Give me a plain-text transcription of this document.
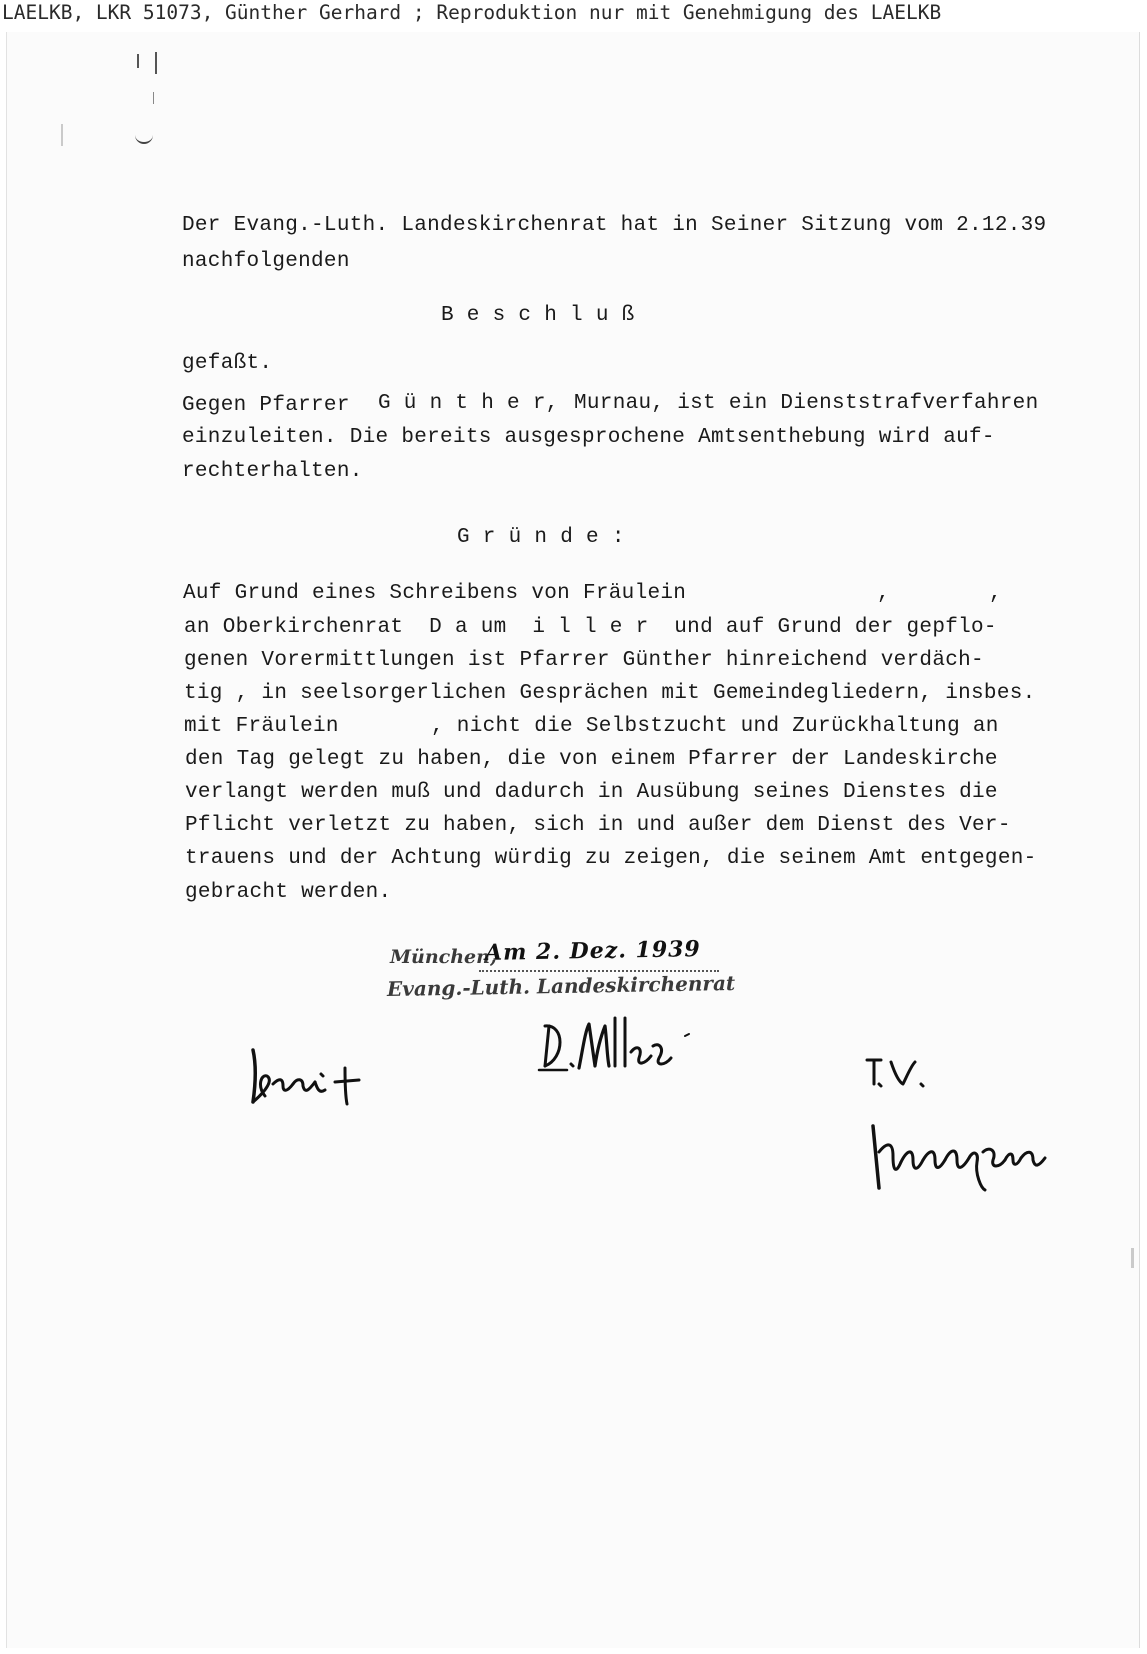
LAELKB, LKR 51073, Günther Gerhard ; Reproduktion nur mit Genehmigung des LAELKB
Der Evang.-Luth. Landeskirchenrat hat in Seiner Sitzung vom 2.12.39
nachfolgenden
B e s c h l u ß
gefaßt.
Gegen Pfarrer G ü n t h e r, Murnau, ist ein Dienststrafverfahren
einzuleiten. Die bereits ausgesprochene Amtsenthebung wird auf-
rechterhalten.
G r ü n d e :
Auf Grund eines Schreibens von Fräulein	,	,
an Oberkirchenrat  D a um  i l l e r  und auf Grund der gepflo-
genen Vorermittlungen ist Pfarrer Günther hinreichend verdäch-
tig , in seelsorgerlichen Gesprächen mit Gemeindegliedern, insbes.
mit Fräulein	, nicht die Selbstzucht und Zurückhaltung an
den Tag gelegt zu haben, die von einem Pfarrer der Landeskirche
verlangt werden muß und dadurch in Ausübung seines Dienstes die
Pflicht verletzt zu haben, sich in und außer dem Dienst des Ver-
trauens und der Achtung würdig zu zeigen, die seinem Amt entgegen-
gebracht werden.
München,
Am 2. Dez. 1939
Evang.-Luth. Landeskirchenrat
